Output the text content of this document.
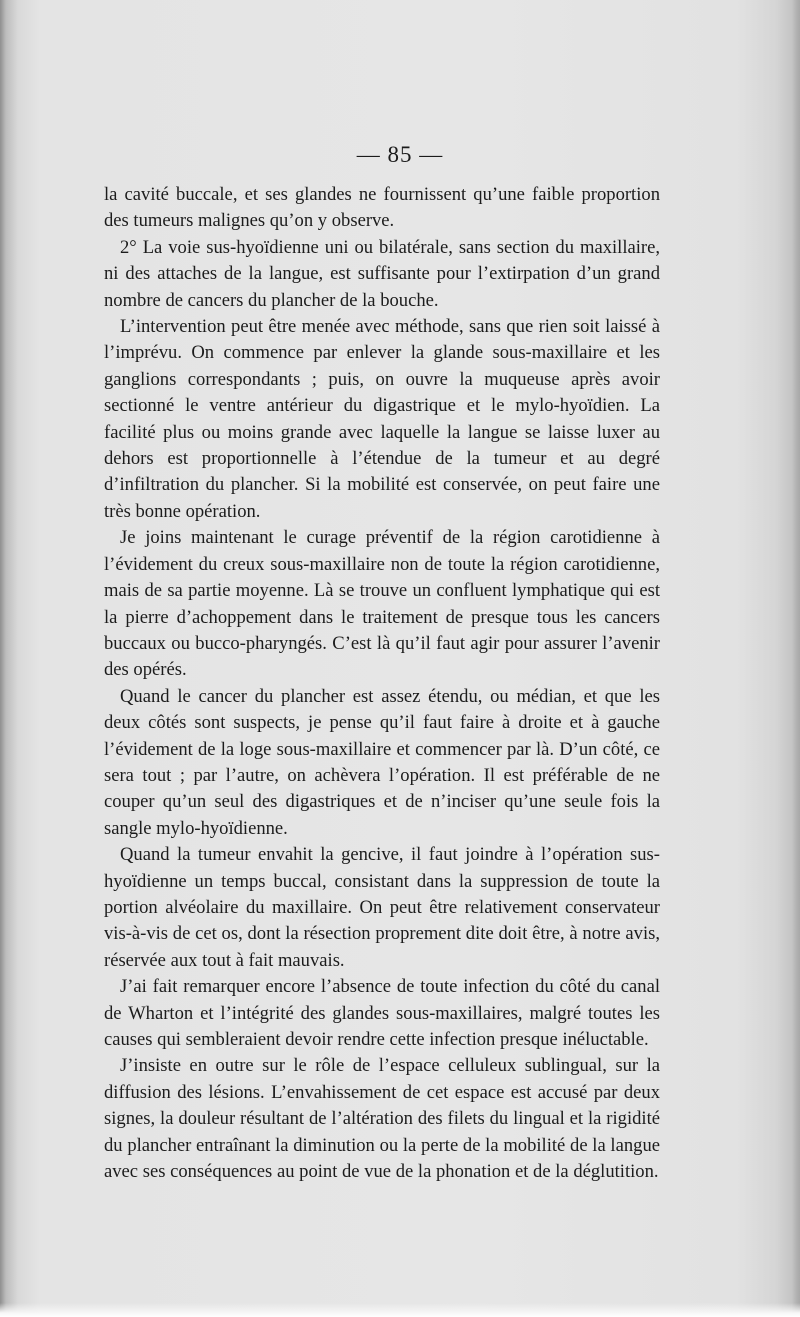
— 85 —

la cavité buccale, et ses glandes ne fournissent qu’une faible proportion des tumeurs malignes qu’on y observe.

2° La voie sus-hyoïdienne uni ou bilatérale, sans section du maxillaire, ni des attaches de la langue, est suffisante pour l’extirpation d’un grand nombre de cancers du plancher de la bouche.

L’intervention peut être menée avec méthode, sans que rien soit laissé à l’imprévu. On commence par enlever la glande sous-maxillaire et les ganglions correspondants ; puis, on ouvre la muqueuse après avoir sectionné le ventre antérieur du digastrique et le mylo-hyoïdien. La facilité plus ou moins grande avec laquelle la langue se laisse luxer au dehors est proportionnelle à l’étendue de la tumeur et au degré d’infiltration du plancher. Si la mobilité est conservée, on peut faire une très bonne opération.

Je joins maintenant le curage préventif de la région carotidienne à l’évidement du creux sous-maxillaire non de toute la région carotidienne, mais de sa partie moyenne. Là se trouve un confluent lymphatique qui est la pierre d’achoppement dans le traitement de presque tous les cancers buccaux ou bucco-pharyngés. C’est là qu’il faut agir pour assurer l’avenir des opérés.

Quand le cancer du plancher est assez étendu, ou médian, et que les deux côtés sont suspects, je pense qu’il faut faire à droite et à gauche l’évidement de la loge sous-maxillaire et commencer par là. D’un côté, ce sera tout ; par l’autre, on achèvera l’opération. Il est préférable de ne couper qu’un seul des digastriques et de n’inciser qu’une seule fois la sangle mylo-hyoïdienne.

Quand la tumeur envahit la gencive, il faut joindre à l’opération sus-hyoïdienne un temps buccal, consistant dans la suppression de toute la portion alvéolaire du maxillaire. On peut être relativement conservateur vis-à-vis de cet os, dont la résection proprement dite doit être, à notre avis, réservée aux tout à fait mauvais.

J’ai fait remarquer encore l’absence de toute infection du côté du canal de Wharton et l’intégrité des glandes sous-maxillaires, malgré toutes les causes qui sembleraient devoir rendre cette infection presque inéluctable.

J’insiste en outre sur le rôle de l’espace celluleux sublingual, sur la diffusion des lésions. L’envahissement de cet espace est accusé par deux signes, la douleur résultant de l’altération des filets du lingual et la rigidité du plancher entraînant la diminution ou la perte de la mobilité de la langue avec ses conséquences au point de vue de la phonation et de la déglutition.
